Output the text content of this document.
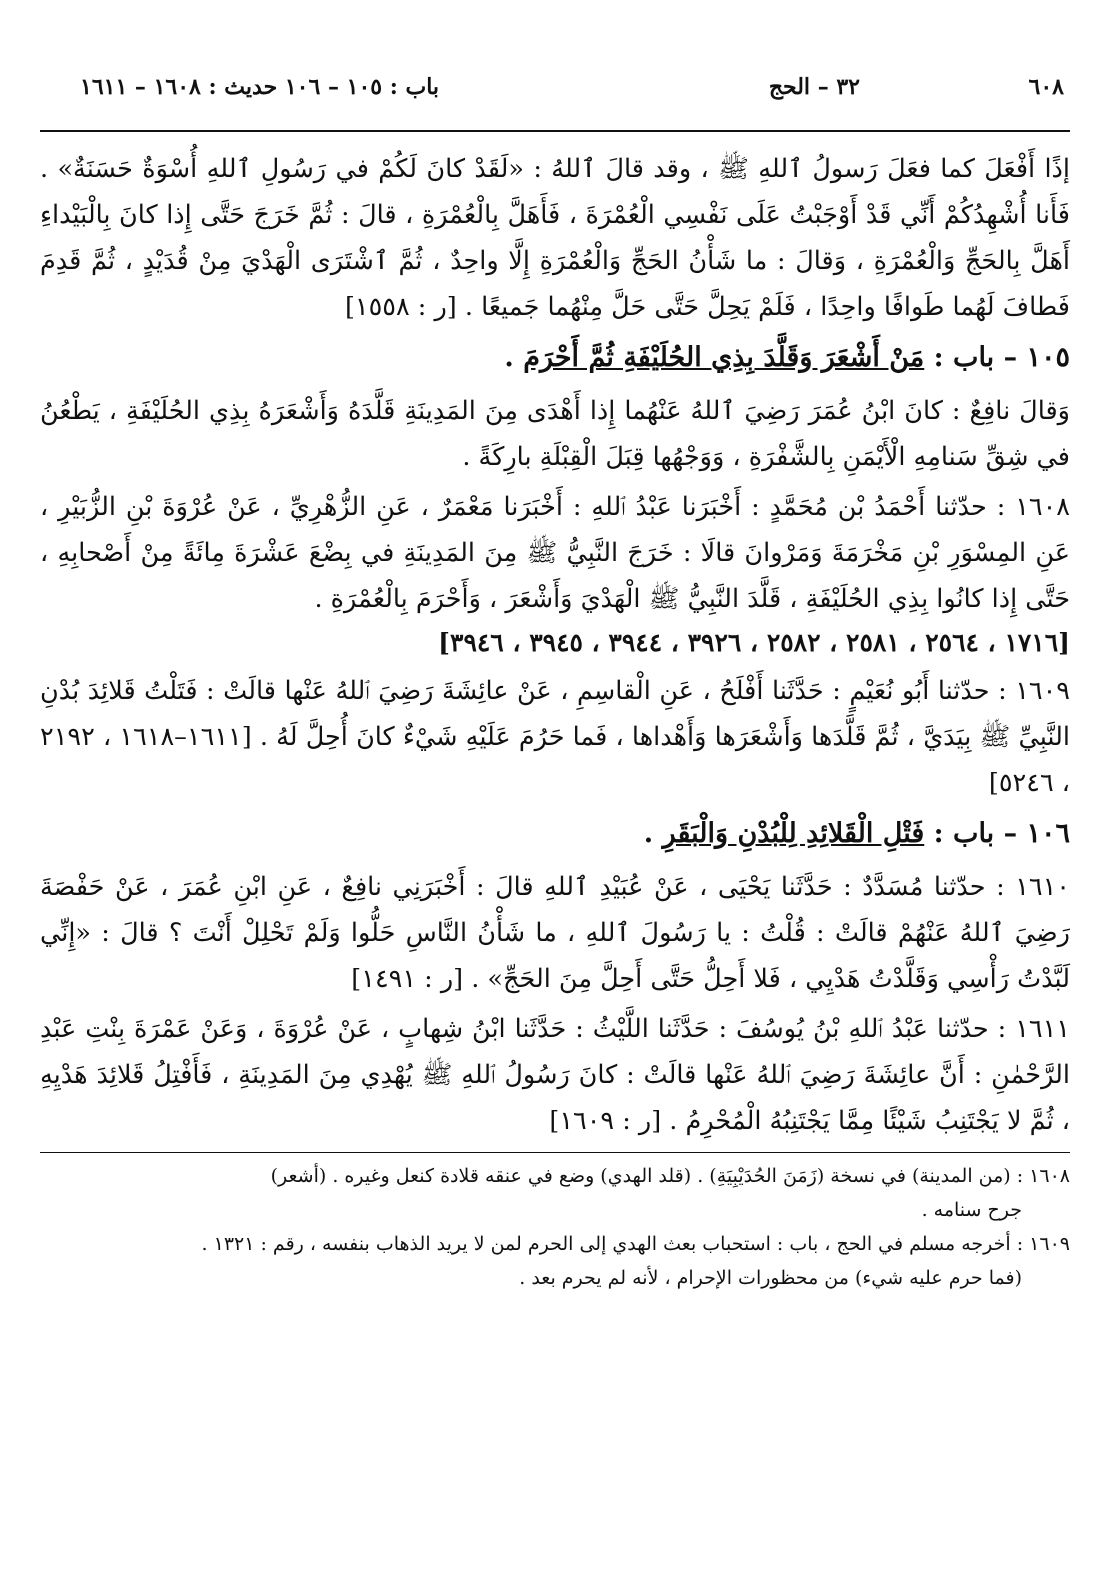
٦٠٨
٣٢ – الحج
باب : ١٠٥ – ١٠٦ حديث : ١٦٠٨ – ١٦١١

إذًا أَفْعَلَ كما فعَلَ رَسولُ ٱللهِ ﷺ ، وقد قالَ ٱللهُ : «لَقَدْ كانَ لَكُمْ في رَسُولِ ٱللهِ أُسْوَةٌ حَسَنَةٌ» . فَأَنا أُشْهِدُكُمْ أَنِّي قَدْ أَوْجَبْتُ عَلَى نَفْسِي الْعُمْرَةَ ، فَأَهَلَّ بِالْعُمْرَةِ ، قالَ : ثُمَّ خَرَجَ حَتَّى إِذا كانَ بِالْبَيْداءِ أَهَلَّ بِالحَجِّ وَالْعُمْرَةِ ، وَقالَ : ما شَأْنُ الحَجِّ وَالْعُمْرَةِ إِلَّا واحِدٌ ، ثُمَّ ٱشْتَرَى الْهَدْيَ مِنْ قُدَيْدٍ ، ثُمَّ قَدِمَ فَطافَ لَهُما طَوافًا واحِدًا ، فَلَمْ يَحِلَّ حَتَّى حَلَّ مِنْهُما جَميعًا . [ر : ١٥٥٨]

١٠٥ – باب : مَنْ أَشْعَرَ وَقَلَّدَ بِذِي الحُلَيْفَةِ ثُمَّ أَحْرَمَ .

وَقالَ نافِعٌ : كانَ ابْنُ عُمَرَ رَضِيَ ٱللهُ عَنْهُما إِذا أَهْدَى مِنَ المَدِينَةِ قَلَّدَهُ وَأَشْعَرَهُ بِذِي الحُلَيْفَةِ ، يَطْعُنُ في شِقِّ سَنامِهِ الْأَيْمَنِ بِالشَّفْرَةِ ، وَوَجْهُها قِبَلَ الْقِبْلَةِ بارِكَةً .

١٦٠٨ : حدّثنا أَحْمَدُ بْن مُحَمَّدٍ : أَخْبَرَنا عَبْدُ ٱللهِ : أَخْبَرَنا مَعْمَرٌ ، عَنِ الزُّهْرِيِّ ، عَنْ عُرْوَةَ بْنِ الزُّبَيْرِ ، عَنِ المِسْوَرِ بْنِ مَخْرَمَةَ وَمَرْوانَ قالَا : خَرَجَ النَّبِيُّ ﷺ مِنَ المَدِينَةِ في بِضْعَ عَشْرَةَ مِائَةً مِنْ أَصْحابِهِ ، حَتَّى إِذا كانُوا بِذِي الحُلَيْفَةِ ، قَلَّدَ النَّبِيُّ ﷺ الْهَدْيَ وَأَشْعَرَ ، وَأَحْرَمَ بِالْعُمْرَةِ .

[١٧١٦ ، ٢٥٦٤ ، ٢٥٨١ ، ٢٥٨٢ ، ٣٩٢٦ ، ٣٩٤٤ ، ٣٩٤٥ ، ٣٩٤٦]

١٦٠٩ : حدّثنا أَبُو نُعَيْمٍ : حَدَّثَنا أَفْلَحُ ، عَنِ الْقاسِمِ ، عَنْ عائِشَةَ رَضِيَ ٱللهُ عَنْها قالَتْ : فَتَلْتُ قَلائِدَ بُدْنِ النَّبِيِّ ﷺ بِيَدَيَّ ، ثُمَّ قَلَّدَها وَأَشْعَرَها وَأَهْداها ، فَما حَرُمَ عَلَيْهِ شَيْءٌ كانَ أُحِلَّ لَهُ . [١٦١١–١٦١٨ ، ٢١٩٢ ، ٥٢٤٦]

١٠٦ – باب : فَتْلِ الْقَلائِدِ لِلْبُدْنِ وَالْبَقَرِ .

١٦١٠ : حدّثنا مُسَدَّدٌ : حَدَّثَنا يَحْيَى ، عَنْ عُبَيْدِ ٱللهِ قالَ : أَخْبَرَنِي نافِعٌ ، عَنِ ابْنِ عُمَرَ ، عَنْ حَفْصَةَ رَضِيَ ٱللهُ عَنْهُمْ قالَتْ : قُلْتُ : يا رَسُولَ ٱللهِ ، ما شَأْنُ النَّاسِ حَلُّوا وَلَمْ تَحْلِلْ أَنْتَ ؟ قالَ : «إِنِّي لَبَّدْتُ رَأْسِي وَقَلَّدْتُ هَدْيِي ، فَلا أَحِلُّ حَتَّى أَحِلَّ مِنَ الحَجِّ» . [ر : ١٤٩١]

١٦١١ : حدّثنا عَبْدُ ٱللهِ بْنُ يُوسُفَ : حَدَّثَنا اللَّيْثُ : حَدَّثَنا ابْنُ شِهابٍ ، عَنْ عُرْوَةَ ، وَعَنْ عَمْرَةَ بِنْتِ عَبْدِ الرَّحْمٰنِ : أَنَّ عائِشَةَ رَضِيَ ٱللهُ عَنْها قالَتْ : كانَ رَسُولُ ٱللهِ ﷺ يُهْدِي مِنَ المَدِينَةِ ، فَأَفْتِلُ قَلائِدَ هَدْيِهِ ، ثُمَّ لا يَجْتَنِبُ شَيْئًا مِمَّا يَجْتَنِبُهُ الْمُحْرِمُ . [ر : ١٦٠٩]

١٦٠٨ : (من المدينة) في نسخة (زَمَنَ الحُدَيْبِيَةِ) . (قلد الهدي) وضع في عنقه قلادة كنعل وغيره . (أشعر)

جرح سنامه .

١٦٠٩ : أخرجه مسلم في الحج ، باب : استحباب بعث الهدي إلى الحرم لمن لا يريد الذهاب بنفسه ، رقم : ١٣٢١ .

(فما حرم عليه شيء) من محظورات الإحرام ، لأنه لم يحرم بعد .
